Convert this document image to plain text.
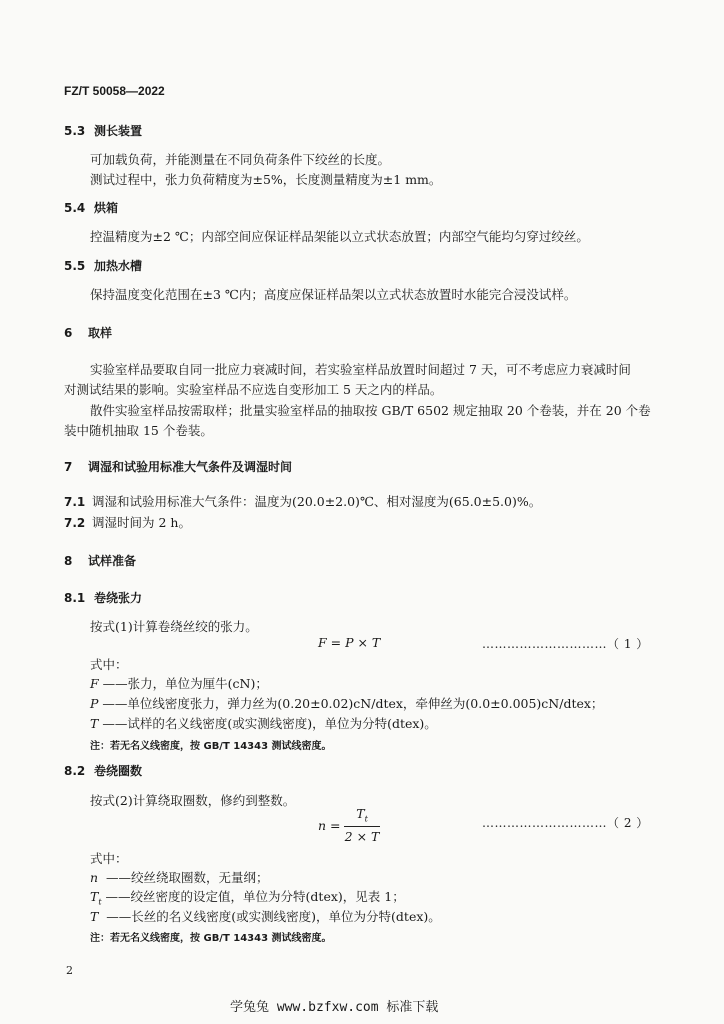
FZ/T 50058—2022
5.3 测长装置
可加载负荷，并能测量在不同负荷条件下绞丝的长度。
测试过程中，张力负荷精度为±5%，长度测量精度为±1 mm。
5.4 烘箱
控温精度为±2 ℃；内部空间应保证样品架能以立式状态放置；内部空气能均匀穿过绞丝。
5.5 加热水槽
保持温度变化范围在±3 ℃内；高度应保证样品架以立式状态放置时水能完合浸没试样。
6 取样
实验室样品要取自同一批应力衰减时间，若实验室样品放置时间超过 7 天，可不考虑应力衰减时间
对测试结果的影响。实验室样品不应选自变形加工 5 天之内的样品。
散件实验室样品按需取样；批量实验室样品的抽取按 GB/T 6502 规定抽取 20 个卷装，并在 20 个卷
装中随机抽取 15 个卷装。
7 调湿和试验用标准大气条件及调湿时间
7.1 调湿和试验用标准大气条件：温度为(20.0±2.0)℃、相对湿度为(65.0±5.0)%。
7.2 调湿时间为 2 h。
8 试样准备
8.1 卷绕张力
按式(1)计算卷绕丝绞的张力。
F = P × T	…………………………（ 1 ）
式中：
F ——张力，单位为厘牛(cN)；
P ——单位线密度张力，弹力丝为(0.20±0.02)cN/dtex，牵伸丝为(0.0±0.005)cN/dtex；
T ——试样的名义线密度(或实测线密度)，单位为分特(dtex)。
注：若无名义线密度，按 GB/T 14343 测试线密度。
8.2 卷绕圈数
按式(2)计算绕取圈数，修约到整数。
n =
$T_t$
2 × T
…………………………（ 2 ）
式中：
n ——绞丝绕取圈数，无量纲；
$T_t$ ——绞丝密度的设定值，单位为分特(dtex)，见表 1；
T ——长丝的名义线密度(或实测线密度)，单位为分特(dtex)。
注：若无名义线密度，按 GB/T 14343 测试线密度。
2
学兔兔 www.bzfxw.com 标准下载
